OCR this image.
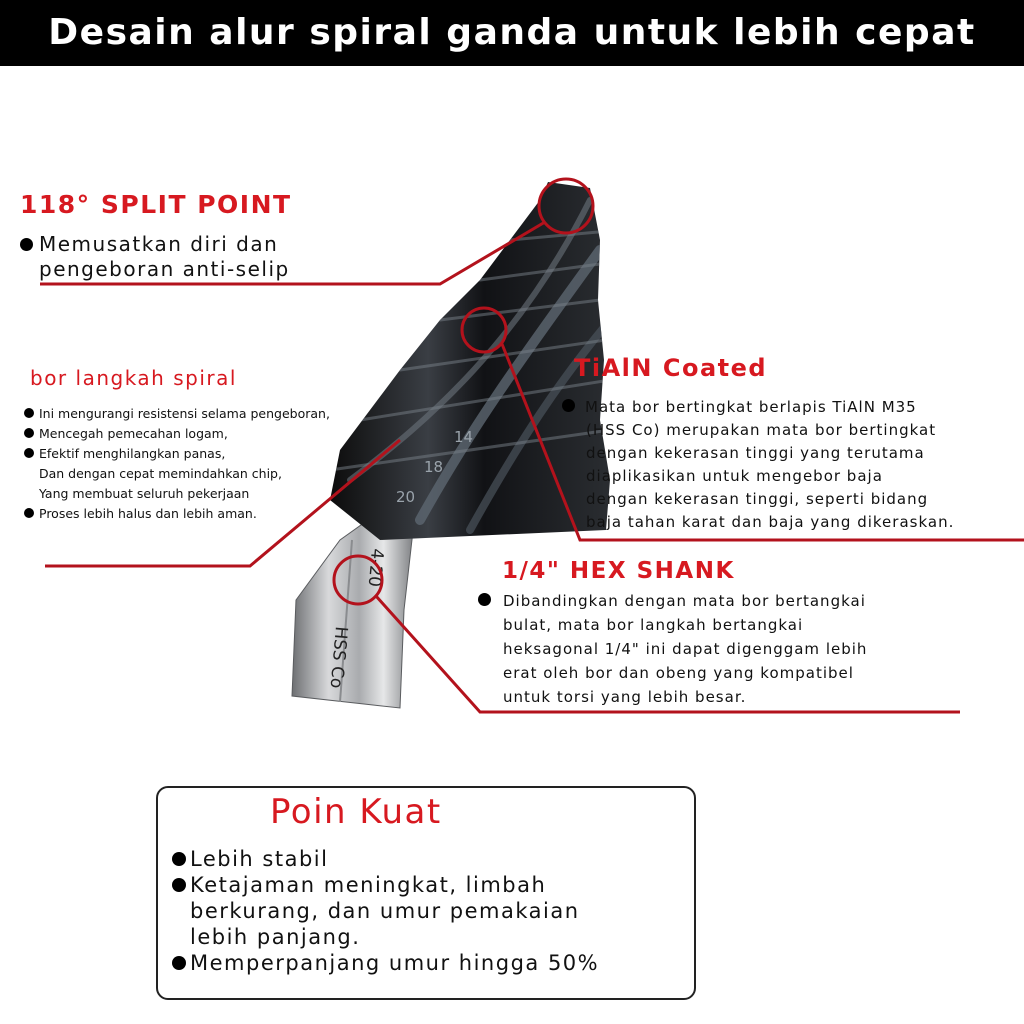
Desain alur spiral ganda untuk lebih cepat
4-20
HSS Co
14
18
20
118° SPLIT POINT
Memusatkan diri dan
pengeboran anti-selip
bor langkah spiral
Ini mengurangi resistensi selama pengeboran,
Mencegah pemecahan logam,
Efektif menghilangkan panas,
Dan dengan cepat memindahkan chip,
Yang membuat seluruh pekerjaan
Proses lebih halus dan lebih aman.
TiAlN Coated
Mata bor bertingkat berlapis TiAlN M35
(HSS Co) merupakan mata bor bertingkat
dengan kekerasan tinggi yang terutama
diaplikasikan untuk mengebor baja
dengan kekerasan tinggi, seperti bidang
baja tahan karat dan baja yang dikeraskan.
1/4" HEX SHANK
Dibandingkan dengan mata bor bertangkai
bulat, mata bor langkah bertangkai
heksagonal 1/4" ini dapat digenggam lebih
erat oleh bor dan obeng yang kompatibel
untuk torsi yang lebih besar.
Poin Kuat
Lebih stabil
Ketajaman meningkat, limbah
berkurang, dan umur pemakaian
lebih panjang.
Memperpanjang umur hingga 50%
